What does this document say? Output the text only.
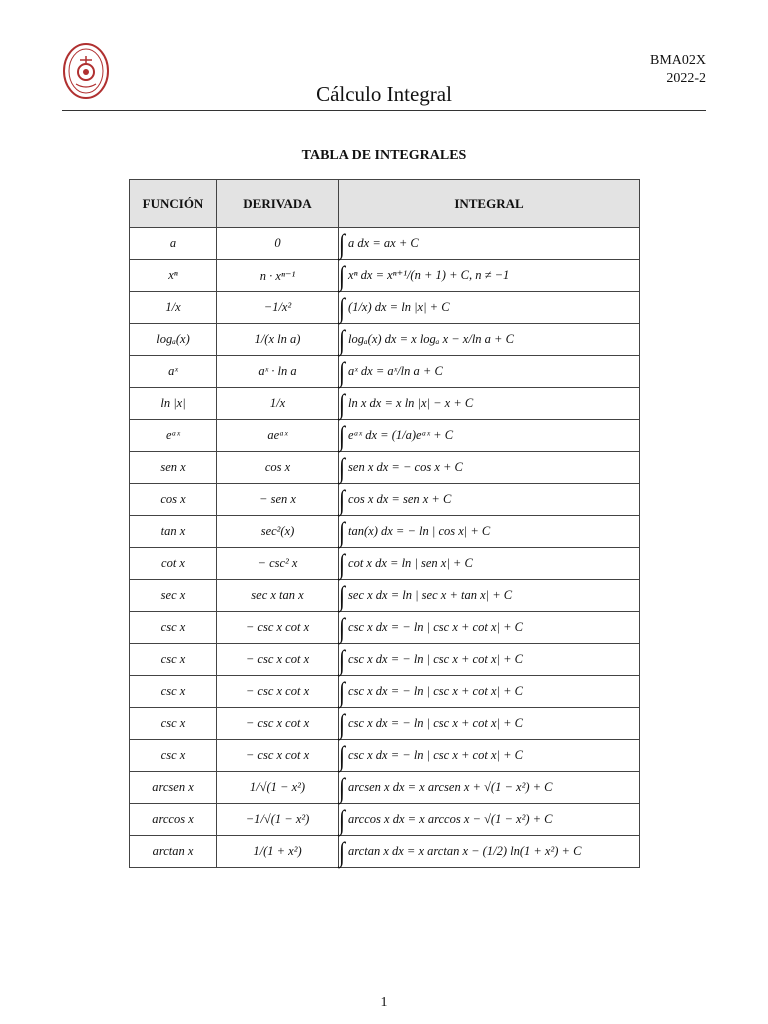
BMA02X
2022-2
Cálculo Integral
TABLA DE INTEGRALES
FUNCIÓN	DERIVADA	INTEGRAL
a	0	∫ a dx = ax + C
xⁿ	n · xⁿ⁻¹	∫ xⁿ dx = xⁿ⁺¹/(n + 1) + C, n ≠ −1
1/x	−1/x²	∫ (1/x) dx = ln |x| + C
logₐ(x)	1/(x ln a)	∫ logₐ(x) dx = x logₐ x − x/ln a + C
aˣ	aˣ · ln a	∫ aˣ dx = aˣ/ln a + C
ln |x|	1/x	∫ ln x dx = x ln |x| − x + C
eᵃˣ	aeᵃˣ	∫ eᵃˣ dx = (1/a)eᵃˣ + C
sen x	cos x	∫ sen x dx = − cos x + C
cos x	− sen x	∫ cos x dx = sen x + C
tan x	sec²(x)	∫ tan(x) dx = − ln | cos x| + C
cot x	− csc² x	∫ cot x dx = ln | sen x| + C
sec x	sec x tan x	∫ sec x dx = ln | sec x + tan x| + C
csc x	− csc x cot x	∫ csc x dx = − ln | csc x + cot x| + C
csc x	− csc x cot x	∫ csc x dx = − ln | csc x + cot x| + C
csc x	− csc x cot x	∫ csc x dx = − ln | csc x + cot x| + C
csc x	− csc x cot x	∫ csc x dx = − ln | csc x + cot x| + C
csc x	− csc x cot x	∫ csc x dx = − ln | csc x + cot x| + C
arcsen x	1/√(1 − x²)	∫ arcsen x dx = x arcsen x + √(1 − x²) + C
arccos x	−1/√(1 − x²)	∫ arccos x dx = x arccos x − √(1 − x²) + C
arctan x	1/(1 + x²)	∫ arctan x dx = x arctan x − (1/2) ln(1 + x²) + C
1
